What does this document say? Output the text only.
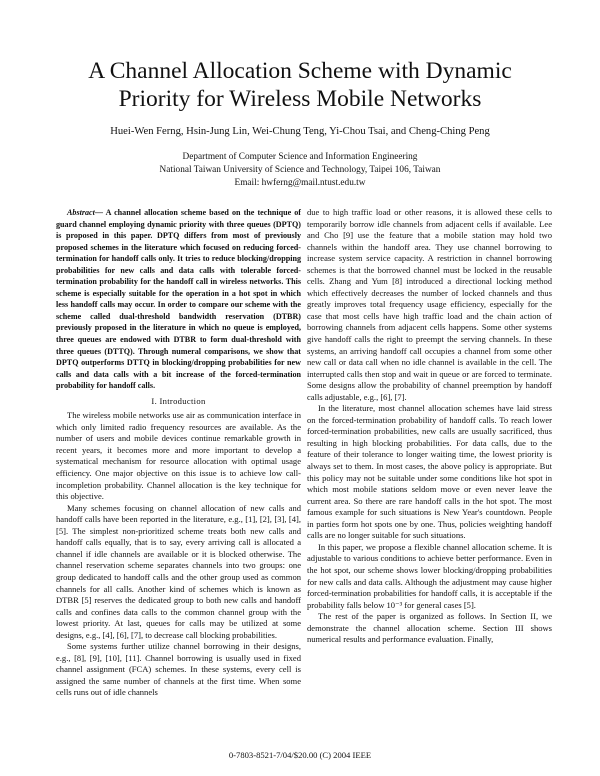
A Channel Allocation Scheme with Dynamic
Priority for Wireless Mobile Networks
Huei-Wen Ferng, Hsin-Jung Lin, Wei-Chung Teng, Yi-Chou Tsai, and Cheng-Ching Peng
Department of Computer Science and Information Engineering
National Taiwan University of Science and Technology, Taipei 106, Taiwan
Email: hwferng@mail.ntust.edu.tw

Abstract— A channel allocation scheme based on the technique of guard channel employing dynamic priority with three queues (DPTQ) is proposed in this paper. DPTQ differs from most of previously proposed schemes in the literature which focused on reducing forced-termination for handoff calls only. It tries to reduce blocking/dropping probabilities for new calls and data calls with tolerable forced-termination probability for the handoff call in wireless networks. This scheme is especially suitable for the operation in a hot spot in which less handoff calls may occur. In order to compare our scheme with the scheme called dual-threshold bandwidth reservation (DTBR) previously proposed in the literature in which no queue is employed, three queues are endowed with DTBR to form dual-threshold with three queues (DTTQ). Through numeral comparisons, we show that DPTQ outperforms DTTQ in blocking/dropping probabilities for new calls and data calls with a bit increase of the forced-termination probability for handoff calls.

I. Introduction

The wireless mobile networks use air as communication interface in which only limited radio frequency resources are available. As the number of users and mobile devices continue remarkable growth in recent years, it becomes more and more important to develop a systematical mechanism for resource allocation with optimal usage efficiency. One major objective on this issue is to achieve low call-incompletion probability. Channel allocation is the key technique for this objective.

Many schemes focusing on channel allocation of new calls and handoff calls have been reported in the literature, e.g., [1], [2], [3], [4], [5]. The simplest non-prioritized scheme treats both new calls and handoff calls equally, that is to say, every arriving call is allocated a channel if idle channels are available or it is blocked otherwise. The channel reservation scheme separates channels into two groups: one group dedicated to handoff calls and the other group used as common channels for all calls. Another kind of schemes which is known as DTBR [5] reserves the dedicated group to both new calls and handoff calls and confines data calls to the common channel group with the lowest priority. At last, queues for calls may be utilized at some designs, e.g., [4], [6], [7], to decrease call blocking probabilities.

Some systems further utilize channel borrowing in their designs, e.g., [8], [9], [10], [11]. Channel borrowing is usually used in fixed channel assignment (FCA) schemes. In these systems, every cell is assigned the same number of channels at the first time. When some cells runs out of idle channels

due to high traffic load or other reasons, it is allowed these cells to temporarily borrow idle channels from adjacent cells if available. Lee and Cho [9] use the feature that a mobile station may hold two channels within the handoff area. They use channel borrowing to increase system service capacity. A restriction in channel borrowing schemes is that the borrowed channel must be locked in the reusable cells. Zhang and Yum [8] introduced a directional locking method which effectively decreases the number of locked channels and thus greatly improves total frequency usage efficiency, especially for the case that most cells have high traffic load and the chain action of borrowing channels from adjacent cells happens. Some other systems give handoff calls the right to preempt the serving channels. In these systems, an arriving handoff call occupies a channel from some other new call or data call when no idle channel is available in the cell. The interrupted calls then stop and wait in queue or are forced to terminate. Some designs allow the probability of channel preemption by handoff calls adjustable, e.g., [6], [7].

In the literature, most channel allocation schemes have laid stress on the forced-termination probability of handoff calls. To reach lower forced-termination probabilities, new calls are usually sacrificed, thus resulting in high blocking probabilities. For data calls, due to the feature of their tolerance to longer waiting time, the lowest priority is always set to them. In most cases, the above policy is appropriate. But this policy may not be suitable under some conditions like hot spot in which most mobile stations seldom move or even never leave the current area. So there are rare handoff calls in the hot spot. The most famous example for such situations is New Year's countdown. People in parties form hot spots one by one. Thus, policies weighting handoff calls are no longer suitable for such situations.

In this paper, we propose a flexible channel allocation scheme. It is adjustable to various conditions to achieve better performance. Even in the hot spot, our scheme shows lower blocking/dropping probabilities for new calls and data calls. Although the adjustment may cause higher forced-termination probabilities for handoff calls, it is acceptable if the probability falls below 10⁻³ for general cases [5].

The rest of the paper is organized as follows. In Section II, we demonstrate the channel allocation scheme. Section III shows numerical results and performance evaluation. Finally,

0-7803-8521-7/04/$20.00 (C) 2004 IEEE
